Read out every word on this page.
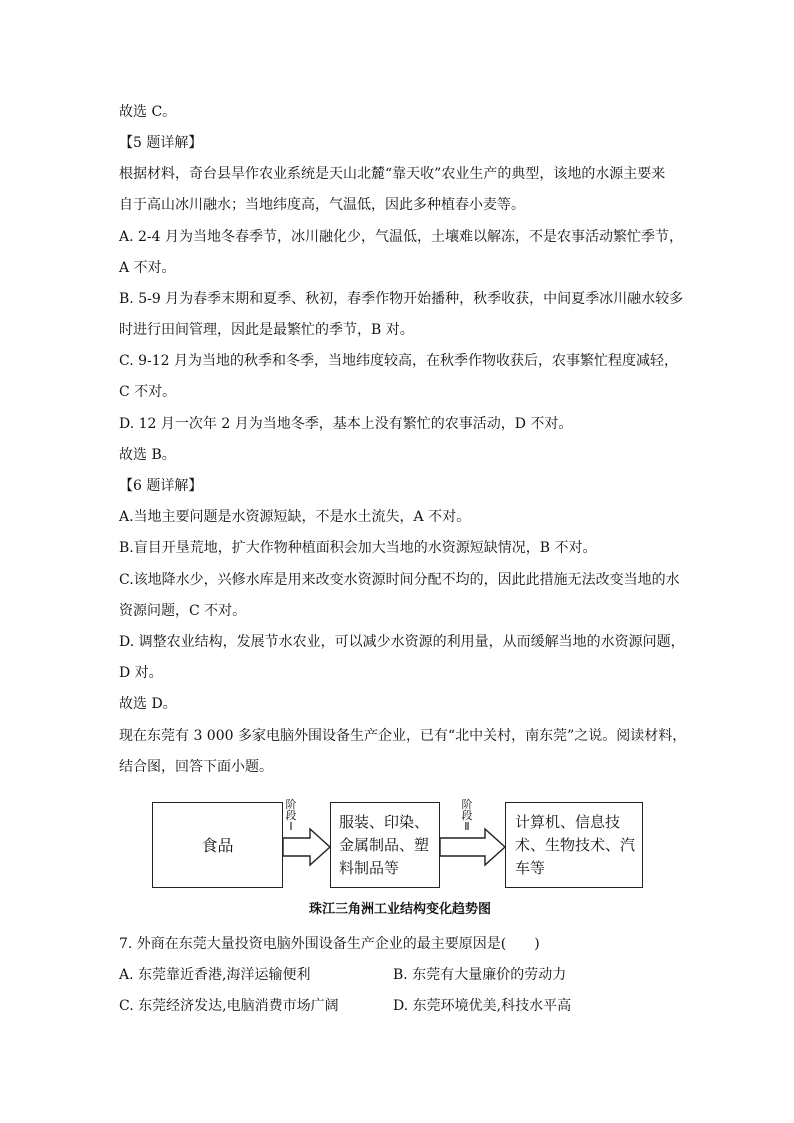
故选 C。
【5 题详解】
根据材料，奇台县旱作农业系统是天山北麓“靠天收”农业生产的典型，该地的水源主要来
自于高山冰川融水；当地纬度高，气温低，因此多种植春小麦等。
A. 2-4 月为当地冬春季节，冰川融化少，气温低，土壤难以解冻，不是农事活动繁忙季节，
A 不对。
B. 5-9 月为春季末期和夏季、秋初，春季作物开始播种，秋季收获，中间夏季冰川融水较多
时进行田间管理，因此是最繁忙的季节，B 对。
C. 9-12 月为当地的秋季和冬季，当地纬度较高，在秋季作物收获后，农事繁忙程度减轻，
C 不对。
D. 12 月一次年 2 月为当地冬季，基本上没有繁忙的农事活动，D 不对。
故选 B。
【6 题详解】
A.当地主要问题是水资源短缺，不是水土流失，A 不对。
B.盲目开垦荒地，扩大作物种植面积会加大当地的水资源短缺情况，B 不对。
C.该地降水少，兴修水库是用来改变水资源时间分配不均的，因此此措施无法改变当地的水
资源问题，C 不对。
D. 调整农业结构，发展节水农业，可以减少水资源的利用量，从而缓解当地的水资源问题，
D 对。
故选 D。
现在东莞有 3 000 多家电脑外围设备生产企业，已有“北中关村，南东莞”之说。阅读材料，
结合图，回答下面小题。
食品
阶
段
Ⅰ	服装、印染、
金属制品、塑
料制品等
阶
段
Ⅱ	计算机、信息技
术、生物技术、汽
车等
珠江三角洲工业结构变化趋势图
7. 外商在东莞大量投资电脑外围设备生产企业的最主要原因是(　　)
A. 东莞靠近香港,海洋运输便利	B. 东莞有大量廉价的劳动力
C. 东莞经济发达,电脑消费市场广阔	D. 东莞环境优美,科技水平高
